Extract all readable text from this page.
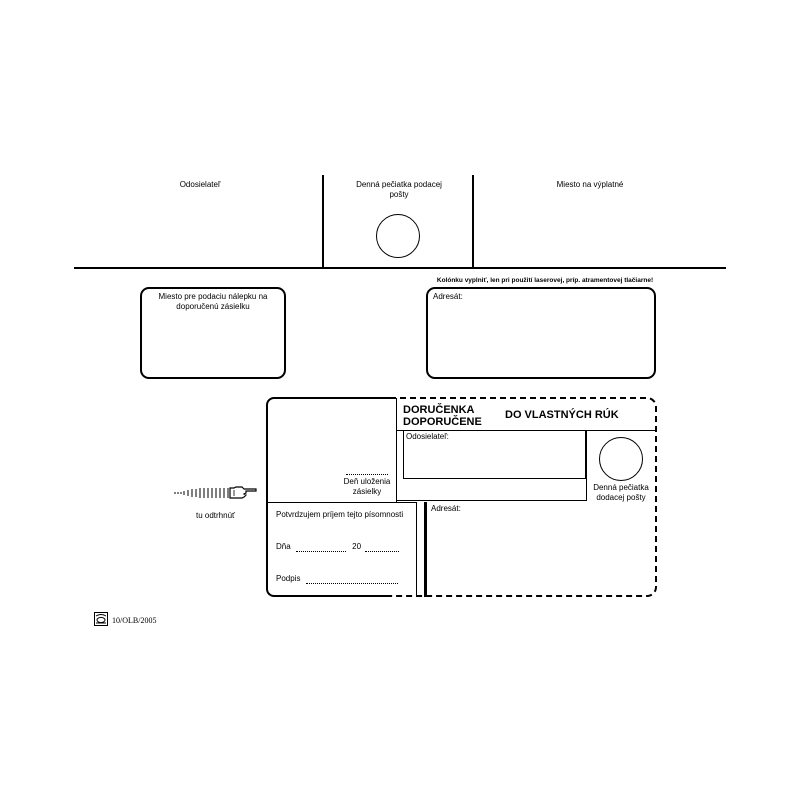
Odosielateľ	Denná pečiatka podacej pošty
Miesto na výplatné
Miesto pre podaciu nálepku na doporučenú zásielku
Kolónku vyplniť, len pri použití laserovej, príp. atramentovej tlačiarne!
Adresát:
Deň uloženia zásielky
DORUČENKA
DOPORUČENE
DO VLASTNÝCH RÚK
Odosielateľ:
Denná pečiatka dodacej pošty
Potvrdzujem príjem tejto písomnosti
Dňa	20
Podpis
Adresát:
tu odtrhnúť
10/OLB/2005
